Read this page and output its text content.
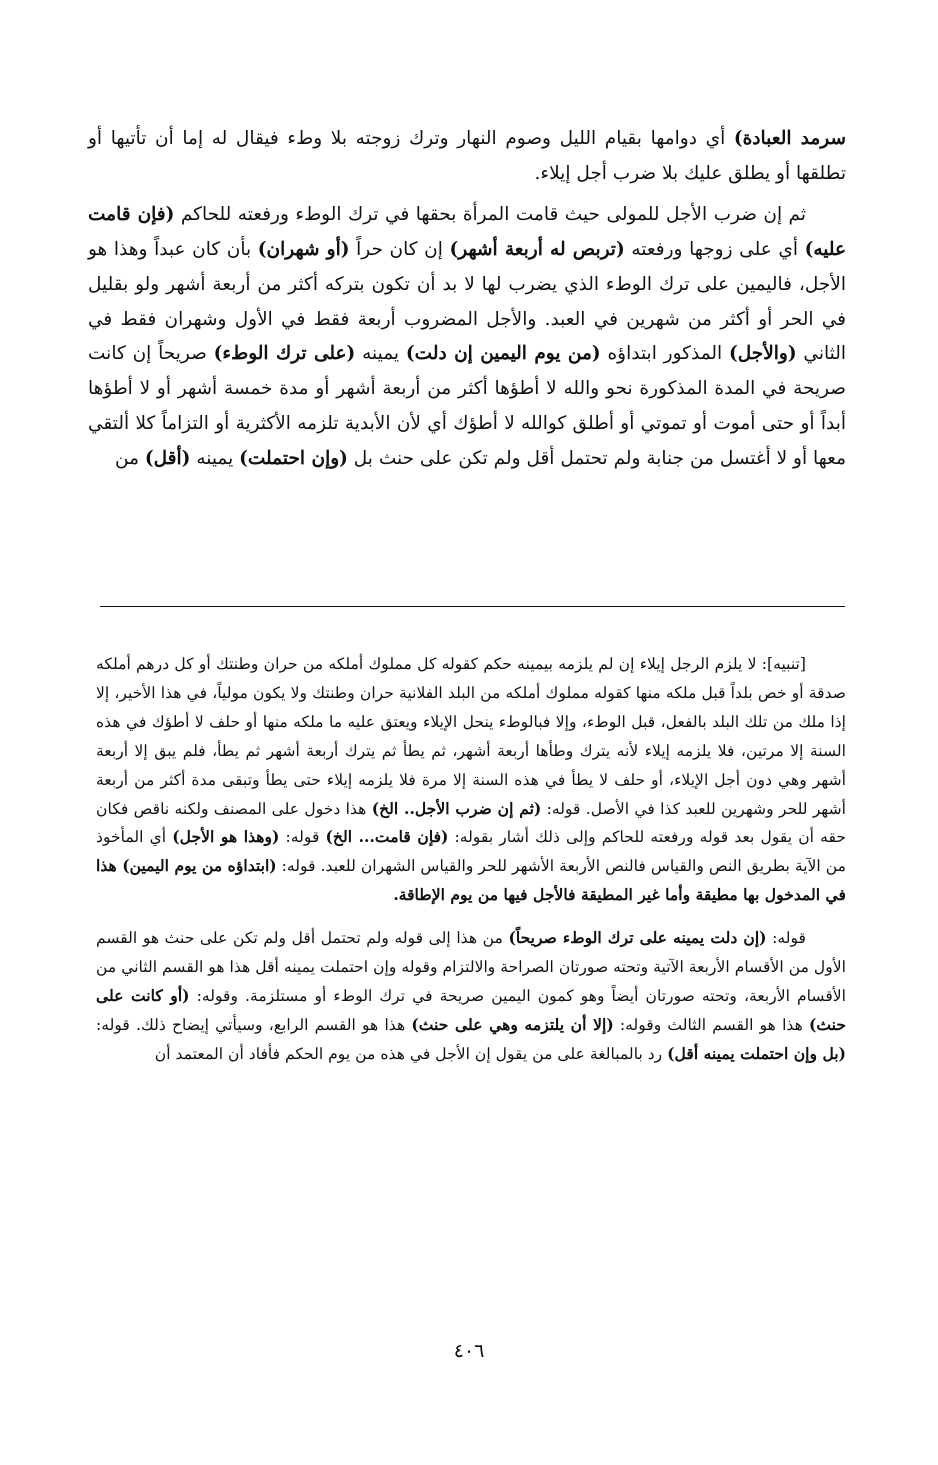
سرمد العبادة) أي دوامها بقيام الليل وصوم النهار وترك زوجته بلا وطء فيقال له إما أن تأتيها أو تطلقها أو يطلق عليك بلا ضرب أجل إيلاء.

ثم إن ضرب الأجل للمولى حيث قامت المرأة بحقها في ترك الوطء ورفعته للحاكم (فإن قامت عليه) أي على زوجها ورفعته (تربص له أربعة أشهر) إن كان حراً (أو شهران) بأن كان عبداً وهذا هو الأجل، فاليمين على ترك الوطء الذي يضرب لها لا بد أن تكون بتركه أكثر من أربعة أشهر ولو بقليل في الحر أو أكثر من شهرين في العبد. والأجل المضروب أربعة فقط في الأول وشهران فقط في الثاني (والأجل) المذكور ابتداؤه (من يوم اليمين إن دلت) يمينه (على ترك الوطء) صريحاً إن كانت صريحة في المدة المذكورة نحو والله لا أطؤها أكثر من أربعة أشهر أو مدة خمسة أشهر أو لا أطؤها أبداً أو حتى أموت أو تموتي أو أطلق كوالله لا أطؤك أي لأن الأبدية تلزمه الأكثرية أو التزاماً كلا ألتقي معها أو لا أغتسل من جنابة ولم تحتمل أقل ولم تكن على حنث بل (وإن احتملت) يمينه (أقل) من

[تنبيه]: لا يلزم الرجل إيلاء إن لم يلزمه بيمينه حكم كقوله كل مملوك أملكه من حران وطنتك أو كل درهم أملكه صدقة أو خص بلداً قبل ملكه منها كقوله مملوك أملكه من البلد الفلانية حران وطنتك ولا يكون مولياً، في هذا الأخير، إلا إذا ملك من تلك البلد بالفعل، قبل الوطء، وإلا فبالوطء ينحل الإيلاء ويعتق عليه ما ملكه منها أو حلف لا أطؤك في هذه السنة إلا مرتين، فلا يلزمه إيلاء لأنه يترك وطأها أربعة أشهر، ثم يطأ ثم يترك أربعة أشهر ثم يطأ، فلم يبق إلا أربعة أشهر وهي دون أجل الإيلاء، أو حلف لا يطأ في هذه السنة إلا مرة فلا يلزمه إيلاء حتى يطأ وتبقى مدة أكثر من أربعة أشهر للحر وشهرين للعبد كذا في الأصل. قوله: (ثم إن ضرب الأجل.. الخ) هذا دخول على المصنف ولكنه ناقص فكان حقه أن يقول بعد قوله ورفعته للحاكم وإلى ذلك أشار بقوله: (فإن قامت... الخ) قوله: (وهذا هو الأجل) أي المأخوذ من الآية بطريق النص والقياس فالنص الأربعة الأشهر للحر والقياس الشهران للعبد. قوله: (ابتداؤه من يوم اليمين) هذا في المدخول بها مطيقة وأما غير المطيقة فالأجل فيها من يوم الإطاقة.

قوله: (إن دلت يمينه على ترك الوطء صريحاً) من هذا إلى قوله ولم تحتمل أقل ولم تكن على حنث هو القسم الأول من الأقسام الأربعة الآتية وتحته صورتان الصراحة والالتزام وقوله وإن احتملت يمينه أقل هذا هو القسم الثاني من الأقسام الأربعة، وتحته صورتان أيضاً وهو كمون اليمين صريحة في ترك الوطء أو مستلزمة. وقوله: (أو كانت على حنث) هذا هو القسم الثالث وقوله: (إلا أن يلتزمه وهي على حنث) هذا هو القسم الرابع، وسيأتي إيضاح ذلك. قوله: (بل وإن احتملت يمينه أقل) رد بالمبالغة على من يقول إن الأجل في هذه من يوم الحكم فأفاد أن المعتمد أن

٤٠٦
